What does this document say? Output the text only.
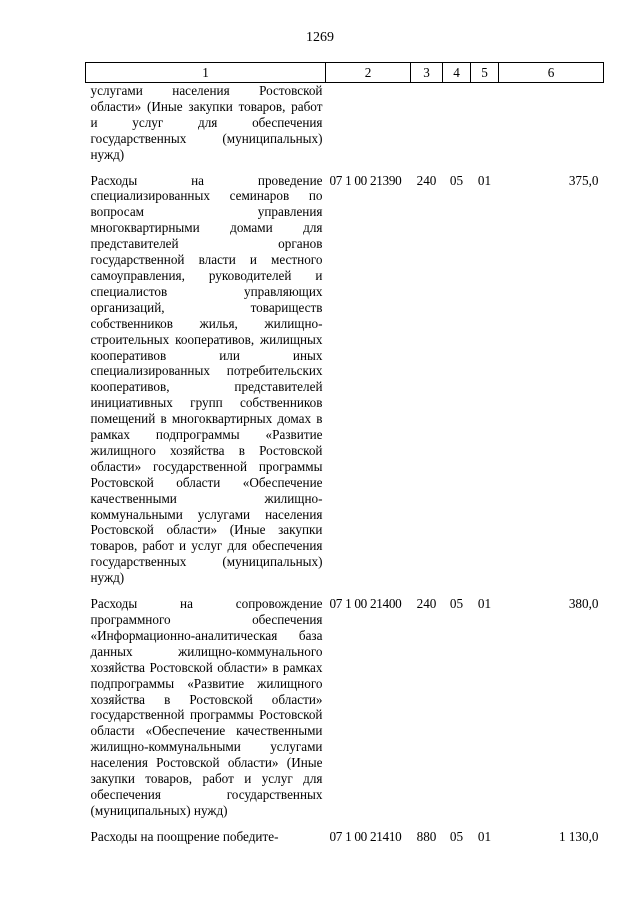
1269
1	2	3	4	5	6
услугами населения Ростовской области» (Иные закупки товаров, работ и услуг для обеспечения государственных (муниципальных) нужд)					

Расходы на проведение специализированных семинаров по вопросам управления многоквартирными домами для представителей органов государственной власти и местного самоуправления, руководителей и специалистов управляющих организаций, товариществ собственников жилья, жилищно-строительных кооперативов, жилищных кооперативов или иных специализированных потребительских кооперативов, представителей инициативных групп собственников помещений в многоквартирных домах в рамках подпрограммы «Развитие жилищного хозяйства в Ростовской области» государственной программы Ростовской области «Обеспечение качественными жилищно-коммунальными услугами населения Ростовской области» (Иные закупки товаров, работ и услуг для обеспечения государственных (муниципальных) нужд)	07 1 00 21390	240	05	01	375,0

Расходы на сопровождение программного обеспечения «Информационно-аналитическая база данных жилищно-коммунального хозяйства Ростовской области» в рамках подпрограммы «Развитие жилищного хозяйства в Ростовской области» государственной программы Ростовской области «Обеспечение качественными жилищно-коммунальными услугами населения Ростовской области» (Иные закупки товаров, работ и услуг для обеспечения государственных (муниципальных) нужд)	07 1 00 21400	240	05	01	380,0

Расходы на поощрение победите-	07 1 00 21410	880	05	01	1 130,0
